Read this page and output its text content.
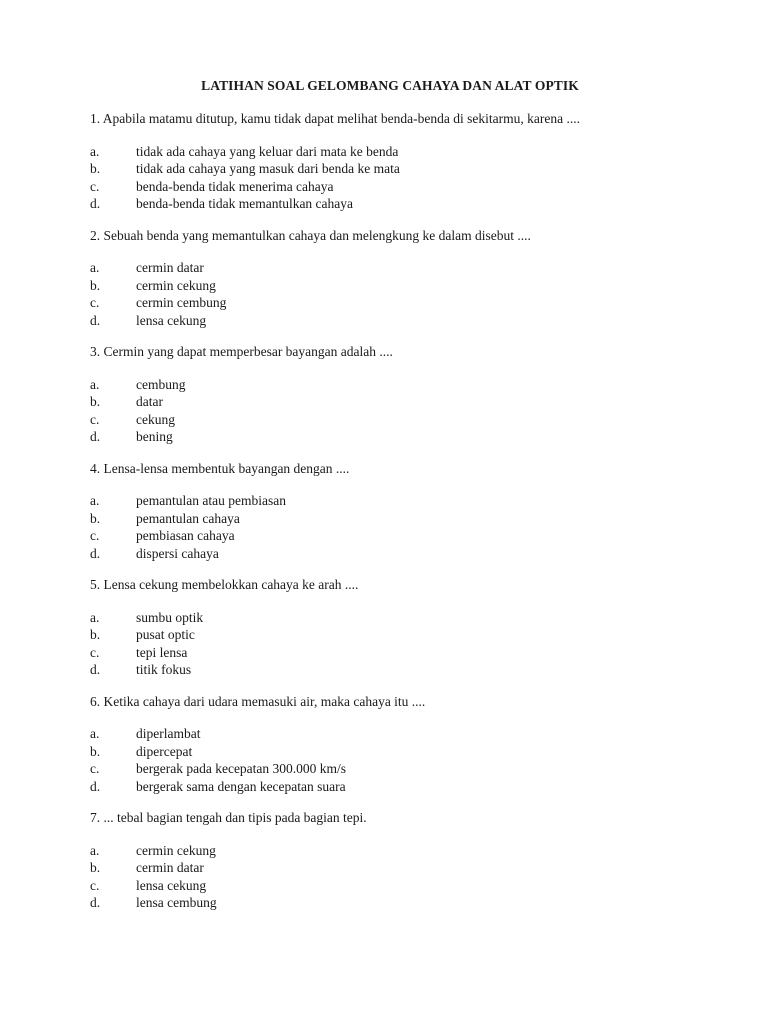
LATIHAN SOAL GELOMBANG CAHAYA DAN ALAT OPTIK
1. Apabila matamu ditutup, kamu tidak dapat melihat benda-benda di sekitarmu, karena ....
a.	tidak ada cahaya yang keluar dari mata ke benda
b.	tidak ada cahaya yang masuk dari benda ke mata
c.	benda-benda tidak menerima cahaya
d.	benda-benda tidak memantulkan cahaya
2. Sebuah benda yang memantulkan cahaya dan melengkung ke dalam disebut ....
a.	cermin datar
b.	cermin cekung
c.	cermin cembung
d.	lensa cekung
3. Cermin yang dapat memperbesar bayangan adalah ....
a.	cembung
b.	datar
c.	cekung
d.	bening
4. Lensa-lensa membentuk bayangan dengan ....
a.	pemantulan atau pembiasan
b.	pemantulan cahaya
c.	pembiasan cahaya
d.	dispersi cahaya
5. Lensa cekung membelokkan cahaya ke arah ....
a.	sumbu optik
b.	pusat optic
c.	tepi lensa
d.	titik fokus
6. Ketika cahaya dari udara memasuki air, maka cahaya itu ....
a.	diperlambat
b.	dipercepat
c.	bergerak pada kecepatan 300.000 km/s
d.	bergerak sama dengan kecepatan suara
7. ... tebal bagian tengah dan tipis pada bagian tepi.
a.	cermin cekung
b.	cermin datar
c.	lensa cekung
d.	lensa cembung
